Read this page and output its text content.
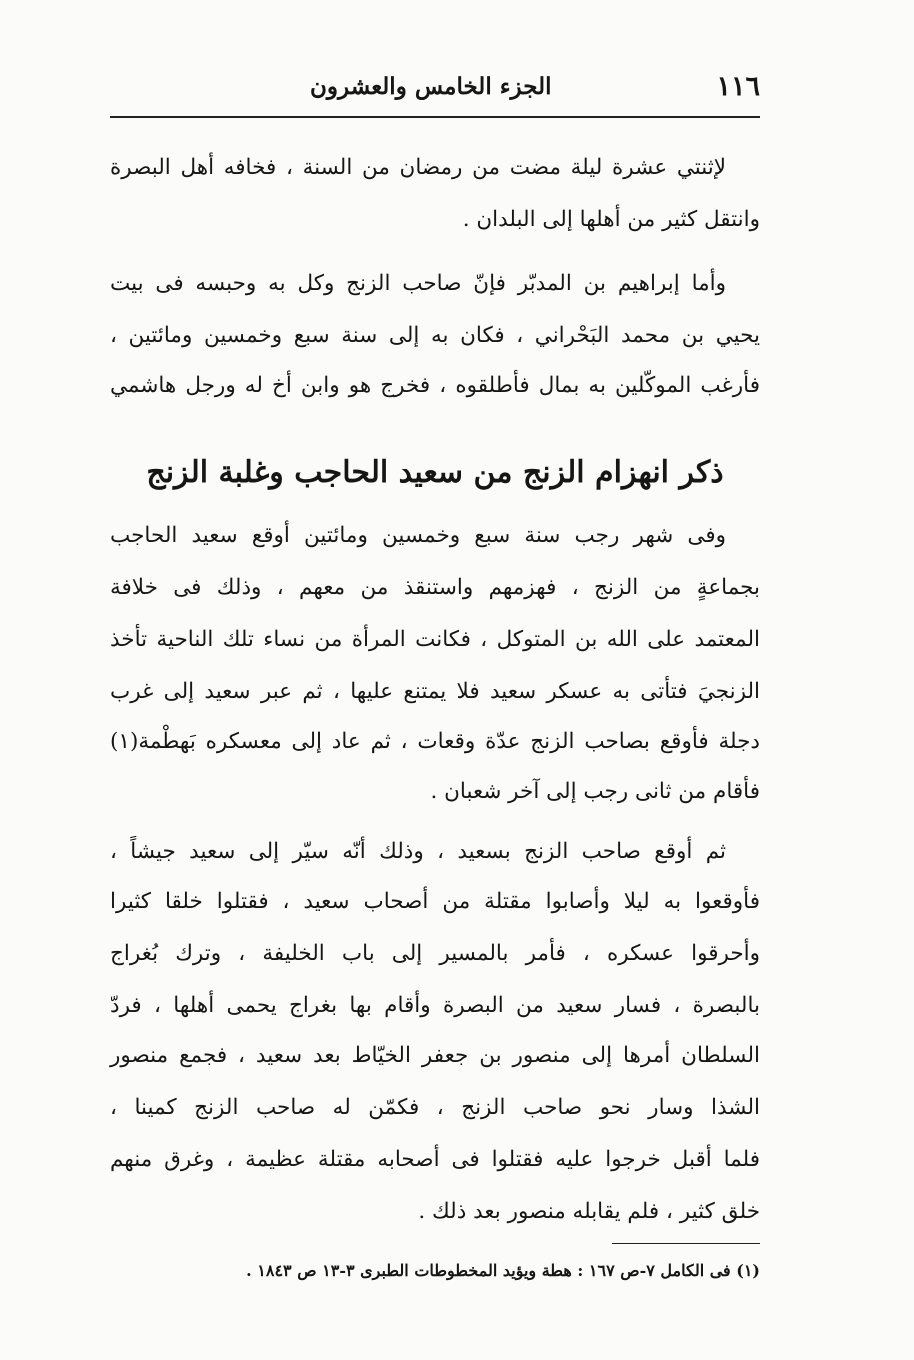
١١٦
الجزء الخامس والعشرون
لإثنتي عشرة ليلة مضت من رمضان من السنة ، فخافه أهل البصرة
وانتقل كثير من أهلها إلى البلدان .
وأما إبراهيم بن المدبّر فإنّ صاحب الزنج وكل به وحبسه فى بيت
يحيي بن محمد البَحْراني ، فكان به إلى سنة سبع وخمسين ومائتين ،
فأرغب الموكّلين به بمال فأطلقوه ، فخرج هو وابن أخ له ورجل هاشمي
ذكر انهزام الزنج من سعيد الحاجب وغلبة الزنج
وفى شهر رجب سنة سبع وخمسين ومائتين أوقع سعيد الحاجب
بجماعةٍ من الزنج ، فهزمهم واستنقذ من معهم ، وذلك فى خلافة
المعتمد على الله بن المتوكل ، فكانت المرأة من نساء تلك الناحية تأخذ
الزنجيَ فتأتى به عسكر سعيد فلا يمتنع عليها ، ثم عبر سعيد إلى غرب
دجلة فأوقع بصاحب الزنج عدّة وقعات ، ثم عاد إلى معسكره بَهطْمة(١)
فأقام من ثانى رجب إلى آخر شعبان .
ثم أوقع صاحب الزنج بسعيد ، وذلك أنّه سيّر إلى سعيد جيشاً ،
فأوقعوا به ليلا وأصابوا مقتلة من أصحاب سعيد ، فقتلوا خلقا كثيرا
وأحرقوا عسكره ، فأمر بالمسير إلى باب الخليفة ، وترك بُغراج
بالبصرة ، فسار سعيد من البصرة وأقام بها بغراج يحمى أهلها ، فردّ
السلطان أمرها إلى منصور بن جعفر الخيّاط بعد سعيد ، فجمع منصور
الشذا وسار نحو صاحب الزنج ، فكمّن له صاحب الزنج كمينا ،
فلما أقبل خرجوا عليه فقتلوا فى أصحابه مقتلة عظيمة ، وغرق منهم
خلق كثير ، فلم يقابله منصور بعد ذلك .
(١) فى الكامل ٧-ص ١٦٧ : هطة ويؤيد المخطوطات الطبرى ٣-١٣ ص ١٨٤٣ .
